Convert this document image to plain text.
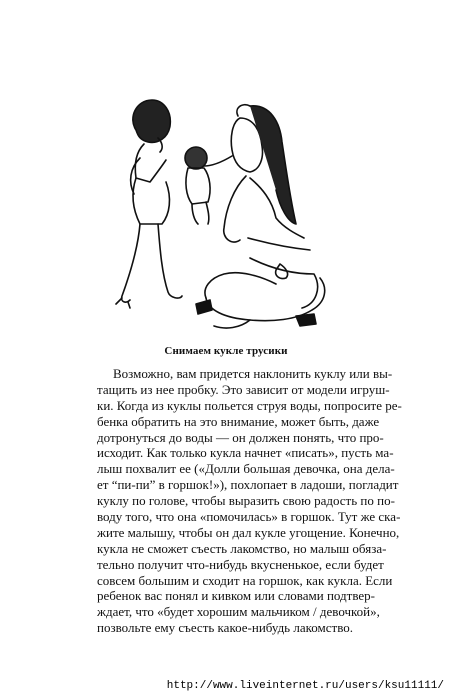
Снимаем кукле трусики
Возможно, вам придется наклонить куклу или вы-
тащить из нее пробку. Это зависит от модели игруш-
ки. Когда из куклы польется струя воды, попросите ре-
бенка обратить на это внимание, может быть, даже
дотронуться до воды — он должен понять, что про-
исходит. Как только кукла начнет «писать», пусть ма-
лыш похвалит ее («Долли большая девочка, она дела-
ет “пи-пи” в горшок!»), похлопает в ладоши, погладит
куклу по голове, чтобы выразить свою радость по по-
воду того, что она «помочилась» в горшок. Тут же ска-
жите малышу, чтобы он дал кукле угощение. Конечно,
кукла не сможет съесть лакомство, но малыш обяза-
тельно получит что-нибудь вкусненькое, если будет
совсем большим и сходит на горшок, как кукла. Если
ребенок вас понял и кивком или словами подтвер-
ждает, что «будет хорошим мальчиком / девочкой»,
позвольте ему съесть какое-нибудь лакомство.
http://www.liveinternet.ru/users/ksu11111/
